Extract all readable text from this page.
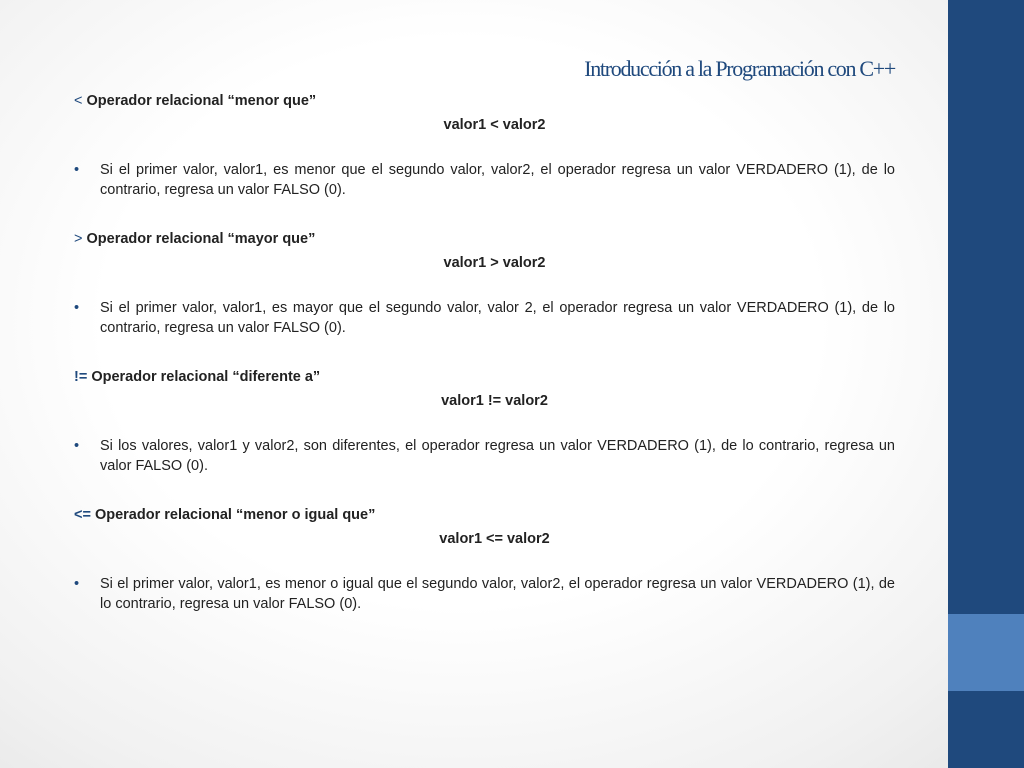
Introducción a la Programación con C++

< Operador relacional “menor que”

valor1 < valor2

• Si el primer valor, valor1, es menor que el segundo valor, valor2, el operador regresa un valor VERDADERO (1), de lo contrario, regresa un valor FALSO (0).

> Operador relacional “mayor que”

valor1 > valor2

• Si el primer valor, valor1, es mayor que el segundo valor, valor 2, el operador regresa un valor VERDADERO (1), de lo contrario, regresa un valor FALSO (0).

!= Operador relacional “diferente a”

valor1 != valor2

• Si los valores, valor1 y valor2, son diferentes, el operador regresa un valor VERDADERO (1), de lo contrario, regresa un valor FALSO (0).

<= Operador relacional “menor o igual que”

valor1 <= valor2

• Si el primer valor, valor1, es menor o igual que el segundo valor, valor2, el operador regresa un valor VERDADERO (1), de lo contrario, regresa un valor FALSO (0).
